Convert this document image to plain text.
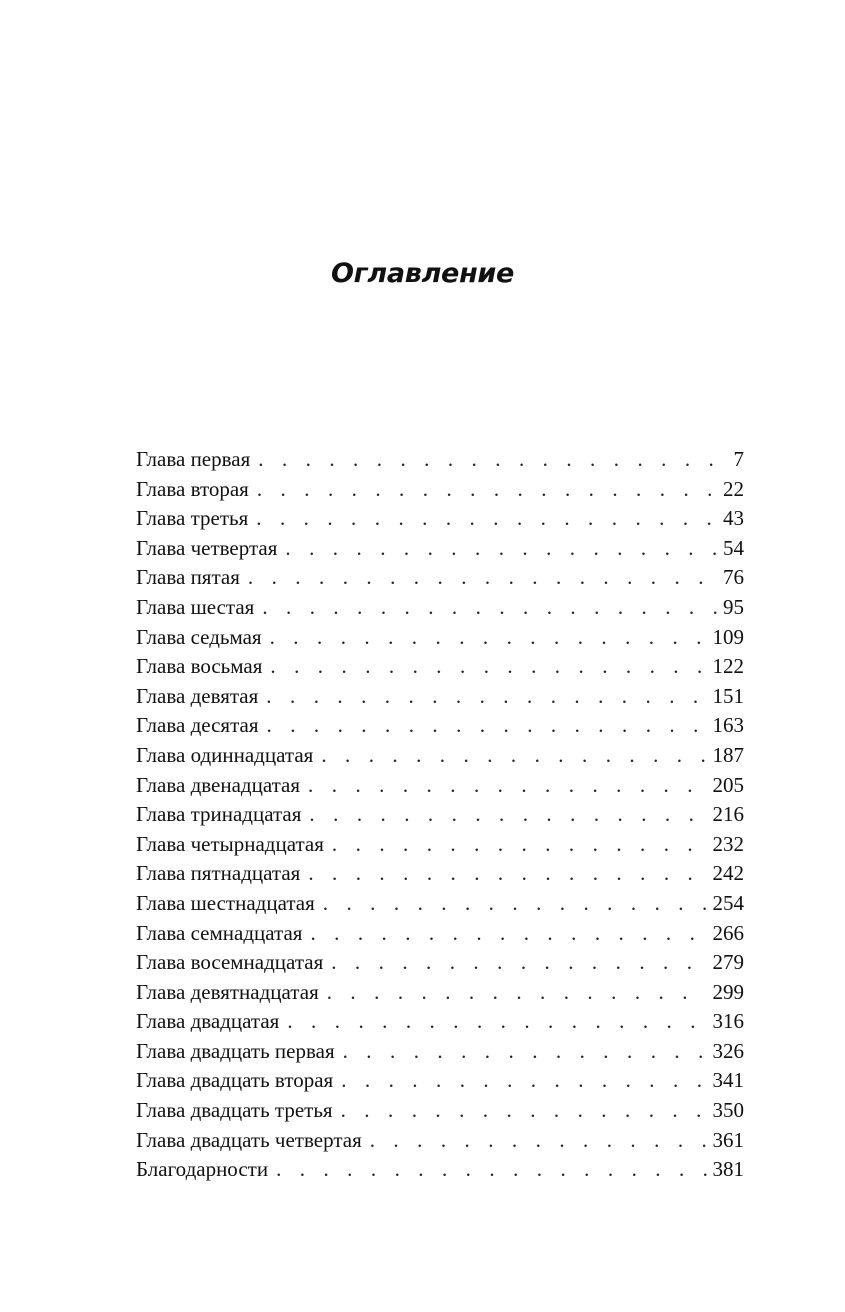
Оглавление
Глава первая . . .	7
Глава вторая . . .	22
Глава третья . . .	43
Глава четвертая . . .	54
Глава пятая . . .	76
Глава шестая . . .	95
Глава седьмая . . .	109
Глава восьмая . . .	122
Глава девятая . . .	151
Глава десятая . . .	163
Глава одиннадцатая . . .	187
Глава двенадцатая . . .	205
Глава тринадцатая . . .	216
Глава четырнадцатая . . .	232
Глава пятнадцатая . . .	242
Глава шестнадцатая . . .	254
Глава семнадцатая . . .	266
Глава восемнадцатая . . .	279
Глава девятнадцатая . . .	299
Глава двадцатая . . .	316
Глава двадцать первая . . .	326
Глава двадцать вторая . . .	341
Глава двадцать третья . . .	350
Глава двадцать четвертая . . .	361
Благодарности . . .	381
